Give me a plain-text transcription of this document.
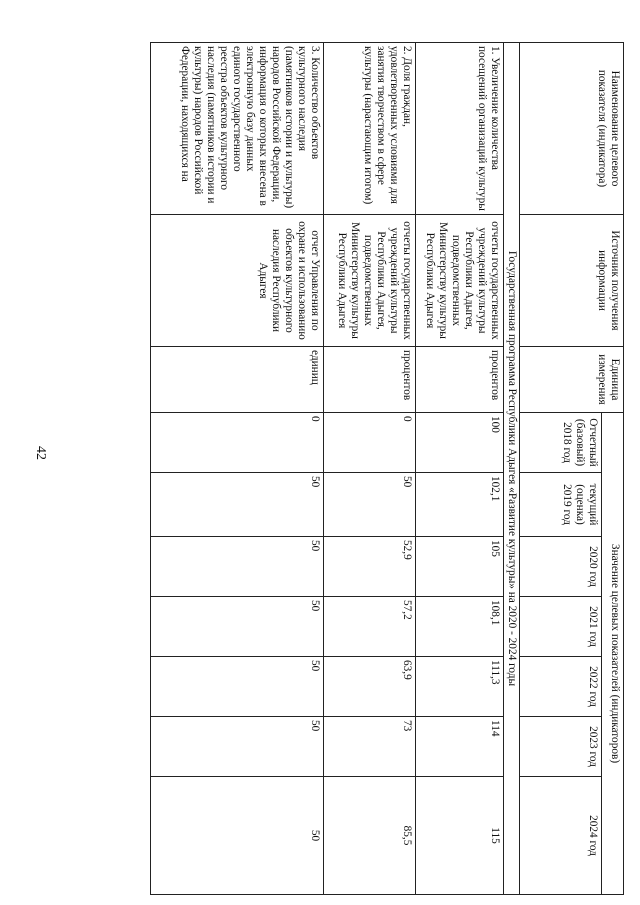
42
Наименование целевого показателя (индикатора)	Источник получения информации	Единица измерения	Значение целевых показателей (индикаторов)						
			Отчетный (базовый) 2018 год	текущий (оценка) 2019 год	2020 год	2021 год	2022 год	2023 год	2024 год
Государственная программа Республики Адыгея «Развитие культуры» на 2020 - 2024 годы									
1. Увеличение количества посещений организаций культуры	отчеты государственных учреждений культуры Республики Адыгея, подведомственных Министерству культуры Республики Адыгея	процентов	100	102,1	105	108,1	111,3	114	115
2. Доля граждан, удовлетворенных условиями для занятия творчеством в сфере культуры (нарастающим итогом)	отчеты государственных учреждений культуры Республики Адыгея, подведомственных Министерству культуры Республики Адыгея	процентов	0	50	52,9	57,2	63,9	73	85,5
3. Количество объектов культурного наследия (памятников истории и культуры) народов Российской Федерации, информация о которых внесена в электронную базу данных единого государственного реестра объектов культурного наследия (памятников истории и культуры) народов Российской Федерации, находящихся на	отчет Управления по охране и использованию объектов культурного наследия Республики Адыгея	единиц	0	50	50	50	50	50	50
